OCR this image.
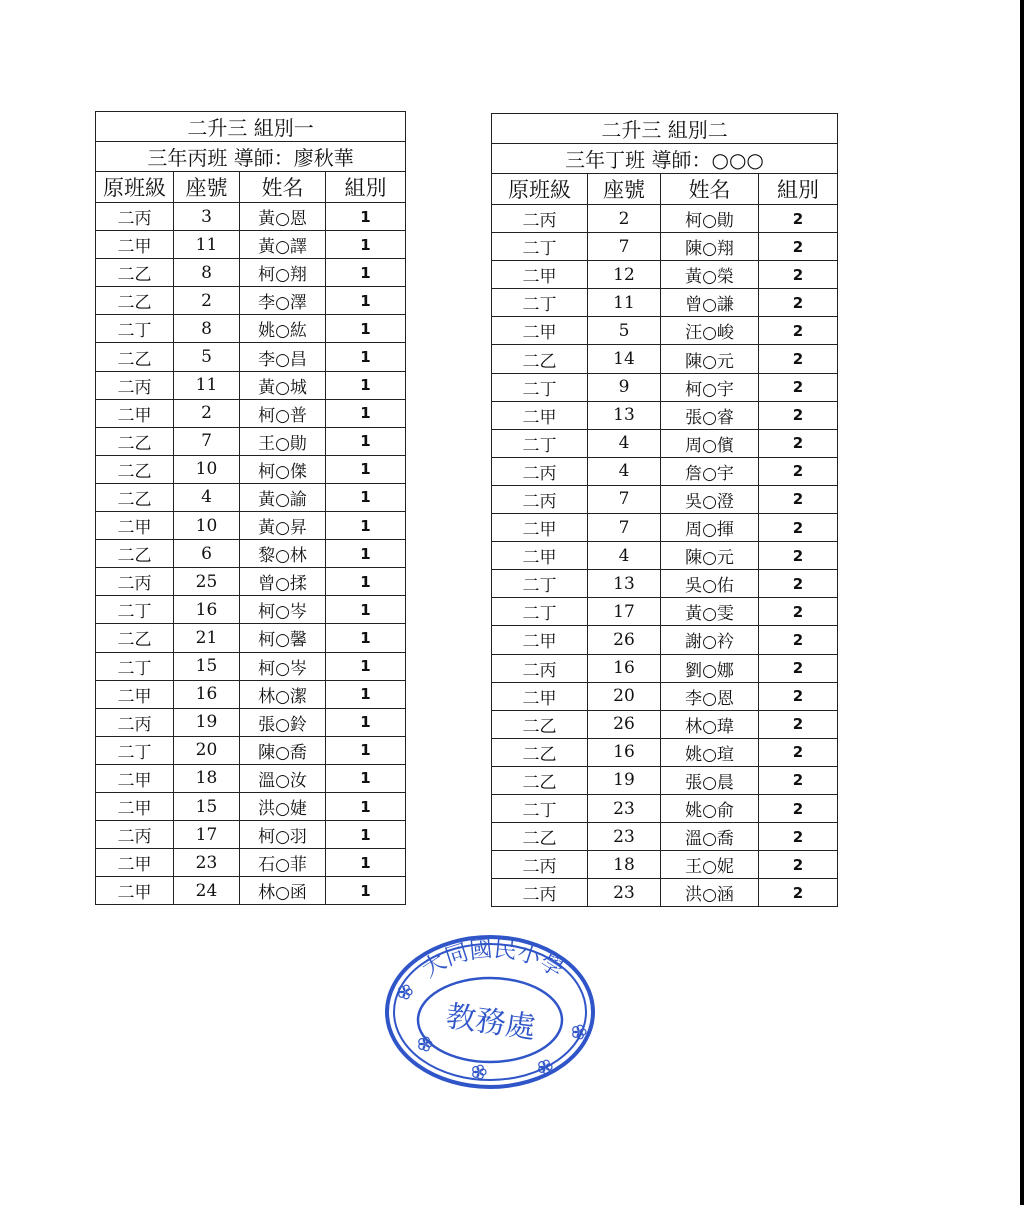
二升三 組別一			
三年丙班 導師：廖秋華			
原班級	座號	姓名	組別
二丙	3	黃○恩	1
二甲	11	黃○譯	1
二乙	8	柯○翔	1
二乙	2	李○澤	1
二丁	8	姚○紘	1
二乙	5	李○昌	1
二丙	11	黃○城	1
二甲	2	柯○普	1
二乙	7	王○勛	1
二乙	10	柯○傑	1
二乙	4	黃○諭	1
二甲	10	黃○昇	1
二乙	6	黎○林	1
二丙	25	曾○揉	1
二丁	16	柯○岑	1
二乙	21	柯○馨	1
二丁	15	柯○岑	1
二甲	16	林○潔	1
二丙	19	張○鈴	1
二丁	20	陳○喬	1
二甲	18	溫○汝	1
二甲	15	洪○婕	1
二丙	17	柯○羽	1
二甲	23	石○菲	1
二甲	24	林○函	1
二升三 組別二			
三年丁班 導師：○○○			
原班級	座號	姓名	組別
二丙	2	柯○勛	2
二丁	7	陳○翔	2
二甲	12	黃○榮	2
二丁	11	曾○謙	2
二甲	5	汪○峻	2
二乙	14	陳○元	2
二丁	9	柯○宇	2
二甲	13	張○睿	2
二丁	4	周○儐	2
二丙	4	詹○宇	2
二丙	7	吳○澄	2
二甲	7	周○揮	2
二甲	4	陳○元	2
二丁	13	吳○佑	2
二丁	17	黃○雯	2
二甲	26	謝○衿	2
二丙	16	劉○娜	2
二甲	20	李○恩	2
二乙	26	林○瑋	2
二乙	16	姚○瑄	2
二乙	19	張○晨	2
二丁	23	姚○俞	2
二乙	23	溫○喬	2
二丙	18	王○妮	2
二丙	23	洪○涵	2
大同國民小學
教務處
